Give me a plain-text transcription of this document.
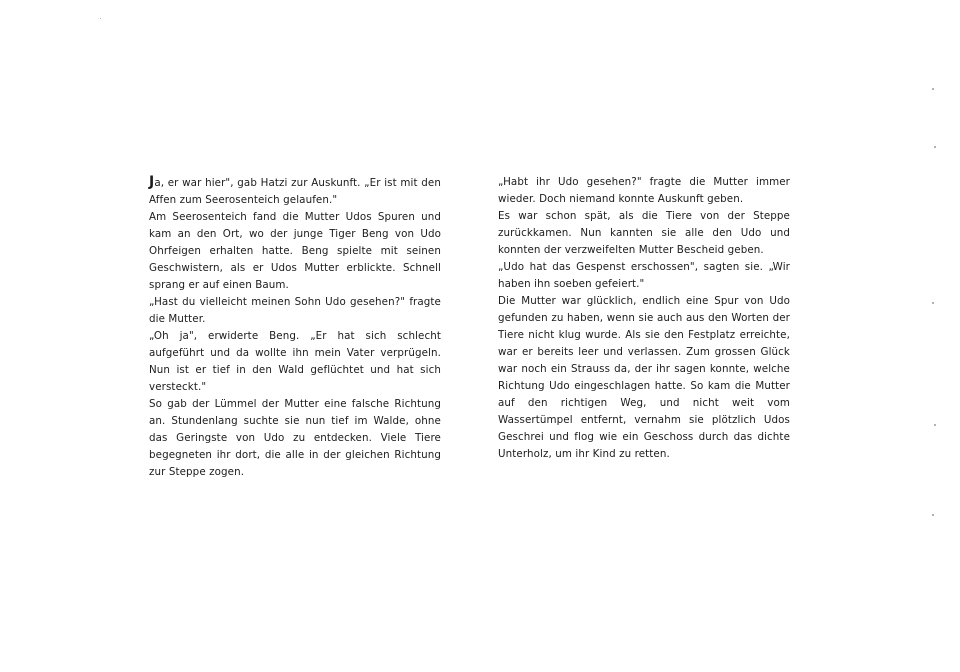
Ja, er war hier", gab Hatzi zur Auskunft. „Er ist mit den Affen zum Seerosenteich gelaufen."

Am Seerosenteich fand die Mutter Udos Spuren und kam an den Ort, wo der junge Tiger Beng von Udo Ohrfeigen erhalten hatte. Beng spielte mit seinen Geschwistern, als er Udos Mutter erblickte. Schnell sprang er auf einen Baum.

„Hast du vielleicht meinen Sohn Udo gesehen?" fragte die Mutter.

„Oh ja", erwiderte Beng. „Er hat sich schlecht aufgeführt und da wollte ihn mein Vater verprügeln. Nun ist er tief in den Wald geflüchtet und hat sich versteckt."

So gab der Lümmel der Mutter eine falsche Richtung an. Stundenlang suchte sie nun tief im Walde, ohne das Geringste von Udo zu entdecken. Viele Tiere begegneten ihr dort, die alle in der gleichen Richtung zur Steppe zogen.

„Habt ihr Udo gesehen?" fragte die Mutter immer wieder. Doch niemand konnte Auskunft geben.

Es war schon spät, als die Tiere von der Steppe zurückkamen. Nun kannten sie alle den Udo und konnten der verzweifelten Mutter Bescheid geben.

„Udo hat das Gespenst erschossen", sagten sie. „Wir haben ihn soeben gefeiert."

Die Mutter war glücklich, endlich eine Spur von Udo gefunden zu haben, wenn sie auch aus den Worten der Tiere nicht klug wurde. Als sie den Festplatz erreichte, war er bereits leer und verlassen. Zum grossen Glück war noch ein Strauss da, der ihr sagen konnte, welche Richtung Udo eingeschlagen hatte. So kam die Mutter auf den richtigen Weg, und nicht weit vom Wassertümpel entfernt, vernahm sie plötzlich Udos Geschrei und flog wie ein Geschoss durch das dichte Unterholz, um ihr Kind zu retten.
